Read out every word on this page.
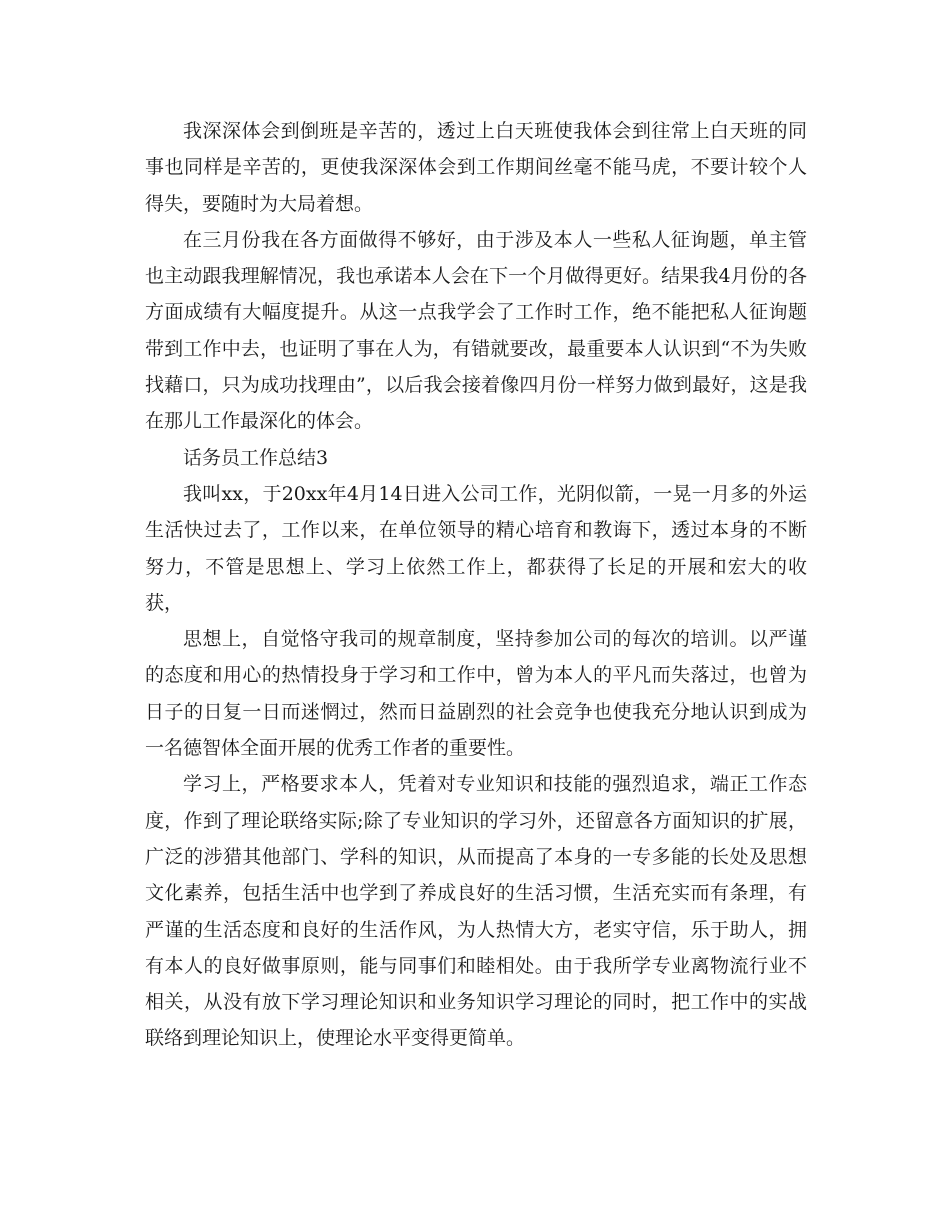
我深深体会到倒班是辛苦的，透过上白天班使我体会到往常上白天班的同事也同样是辛苦的，更使我深深体会到工作期间丝毫不能马虎，不要计较个人得失，要随时为大局着想。

在三月份我在各方面做得不够好，由于涉及本人一些私人征询题，单主管也主动跟我理解情况，我也承诺本人会在下一个月做得更好。结果我4月份的各方面成绩有大幅度提升。从这一点我学会了工作时工作，绝不能把私人征询题带到工作中去，也证明了事在人为，有错就要改，最重要本人认识到“不为失败找藉口，只为成功找理由”，以后我会接着像四月份一样努力做到最好，这是我在那儿工作最深化的体会。

话务员工作总结3

我叫xx，于20xx年4月14日进入公司工作，光阴似箭，一晃一月多的外运生活快过去了，工作以来，在单位领导的精心培育和教诲下，透过本身的不断努力，不管是思想上、学习上依然工作上，都获得了长足的开展和宏大的收获，

思想上，自觉恪守我司的规章制度，坚持参加公司的每次的培训。以严谨的态度和用心的热情投身于学习和工作中，曾为本人的平凡而失落过，也曾为日子的日复一日而迷惘过，然而日益剧烈的社会竞争也使我充分地认识到成为一名德智体全面开展的优秀工作者的重要性。

学习上，严格要求本人，凭着对专业知识和技能的强烈追求，端正工作态度，作到了理论联络实际;除了专业知识的学习外，还留意各方面知识的扩展，广泛的涉猎其他部门、学科的知识，从而提高了本身的一专多能的长处及思想文化素养，包括生活中也学到了养成良好的生活习惯，生活充实而有条理，有严谨的生活态度和良好的生活作风，为人热情大方，老实守信，乐于助人，拥有本人的良好做事原则，能与同事们和睦相处。由于我所学专业离物流行业不相关，从没有放下学习理论知识和业务知识学习理论的同时，把工作中的实战联络到理论知识上，使理论水平变得更简单。
